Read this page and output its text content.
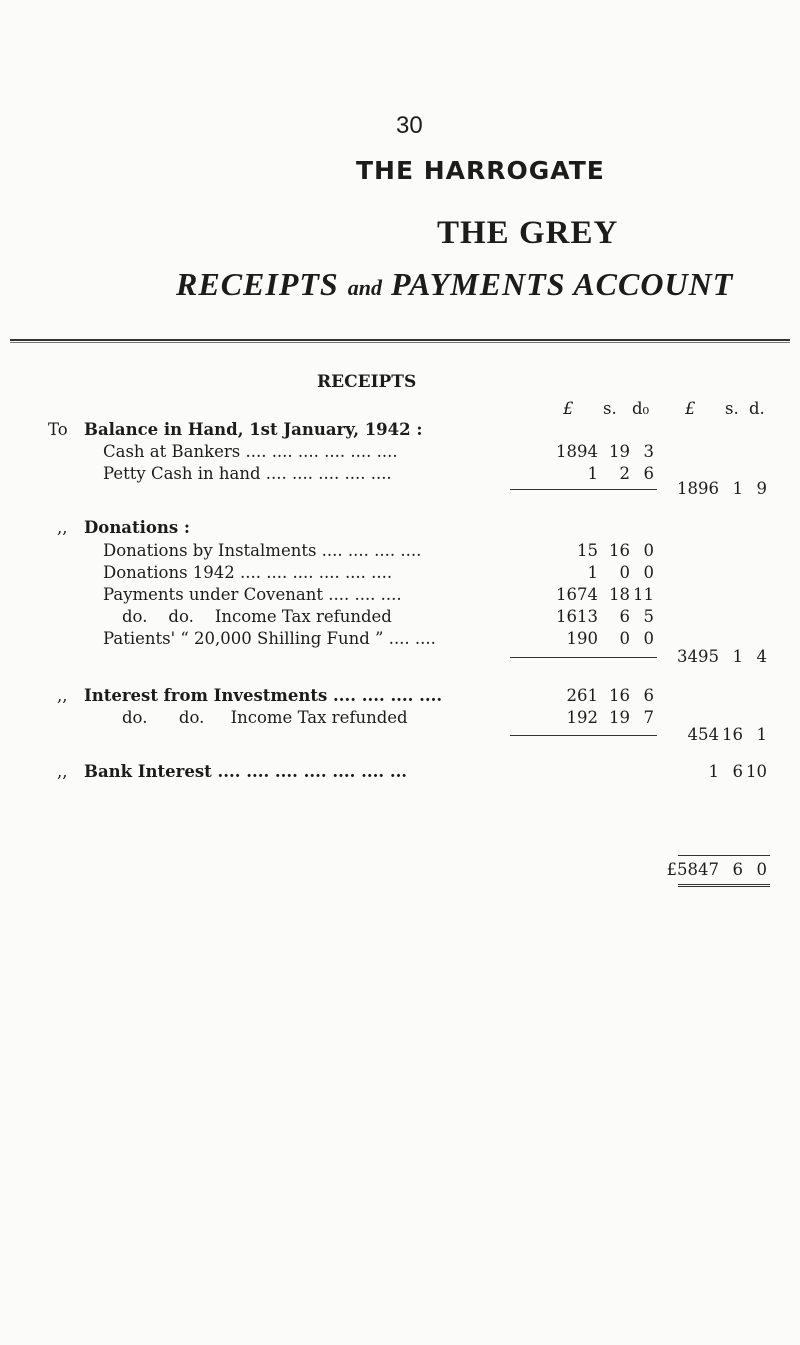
30
THE HARROGATE
THE GREY
RECEIPTS and PAYMENTS ACCOUNT
RECEIPTS
£ s. d₀ £ s. d.
To Balance in Hand, 1st January, 1942 :
Cash at Bankers .... .... .... .... .... ....	1894 19 3
Petty Cash in hand .... .... .... .... ....	1	2 6
1896 1 9
,, Donations :
Donations by Instalments .... .... .... ....	15 16 0
Donations 1942 .... .... .... .... .... ....	1	0 0
Payments under Covenant .... .... ....	1674 18 11
do.    do.    Income Tax refunded	1613	6 5
Patients' “ 20,000 Shilling Fund ” .... ....	190	0 0
3495 1 4
,, Interest from Investments .... .... .... ....	261 16 6
do.      do.     Income Tax refunded	192 19 7
454 16 1
,, Bank Interest .... .... .... .... .... .... ...	1 6 10
£5847 6 0
